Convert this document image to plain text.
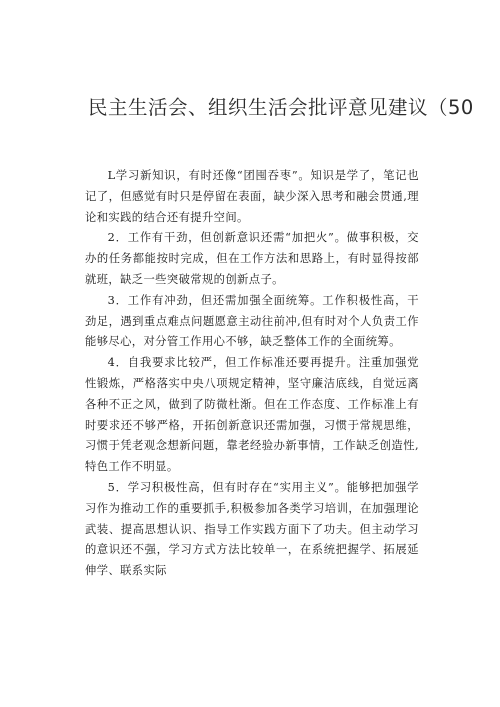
民主生活会、组织生活会批评意见建议（50

L学习新知识，有时还像“团囤吞枣”。知识是学了，笔记也记了，但感觉有时只是停留在表面，缺少深入思考和融会贯通,理论和实践的结合还有提升空间。

2．工作有干劲，但创新意识还需“加把火”。做事积极，交办的任务都能按时完成，但在工作方法和思路上，有时显得按部就班，缺乏一些突破常规的创新点子。

3．工作有冲劲，但还需加强全面统筹。工作积极性高，干劲足，遇到重点难点问题愿意主动往前冲,但有时对个人负责工作能够尽心，对分管工作用心不够，缺乏整体工作的全面统筹。

4．自我要求比较严，但工作标准还要再提升。注重加强党性锻炼，严格落实中央八项规定精神，坚守廉洁底线，自觉远离各种不正之风，做到了防微杜渐。但在工作态度、工作标准上有时要求还不够严格，开拓创新意识还需加强，习惯于常规思维，习惯于凭老观念想新问题，靠老经验办新事情，工作缺乏创造性,特色工作不明显。

5．学习积极性高，但有时存在“实用主义”。能够把加强学习作为推动工作的重要抓手,积极参加各类学习培训，在加强理论武装、提高思想认识、指导工作实践方面下了功夫。但主动学习的意识还不强，学习方式方法比较单一，在系统把握学、拓展延伸学、联系实际
